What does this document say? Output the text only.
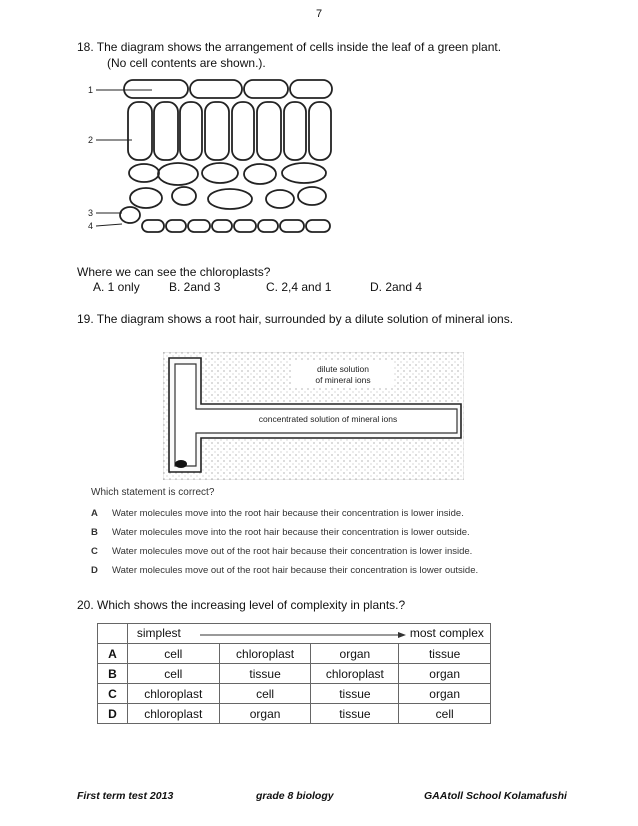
7
18. The diagram shows the arrangement of cells inside the leaf of a green plant.
(No cell contents are shown.).
1
2
3
4
Where we can see the chloroplasts?
A. 1 only B. 2and 3	C. 2,4 and 1	D. 2and 4
19. The diagram shows a root hair, surrounded by a dilute solution of mineral ions.
dilute solution
of mineral ions
concentrated solution of mineral ions
Which statement is correct?
A Water molecules move into the root hair because their concentration is lower inside.
B Water molecules move into the root hair because their concentration is lower outside.
C Water molecules move out of the root hair because their concentration is lower inside.
D Water molecules move out of the root hair because their concentration is lower outside.
20. Which shows the increasing level of complexity in plants.?

	simplest most complex			

A	cell	chloroplast	organ	tissue
B	cell	tissue	chloroplast	organ
C	chloroplast	cell	tissue	organ
D	chloroplast	organ	tissue	cell
First term test 2013	grade 8 biology	GAAtoll School Kolamafushi
